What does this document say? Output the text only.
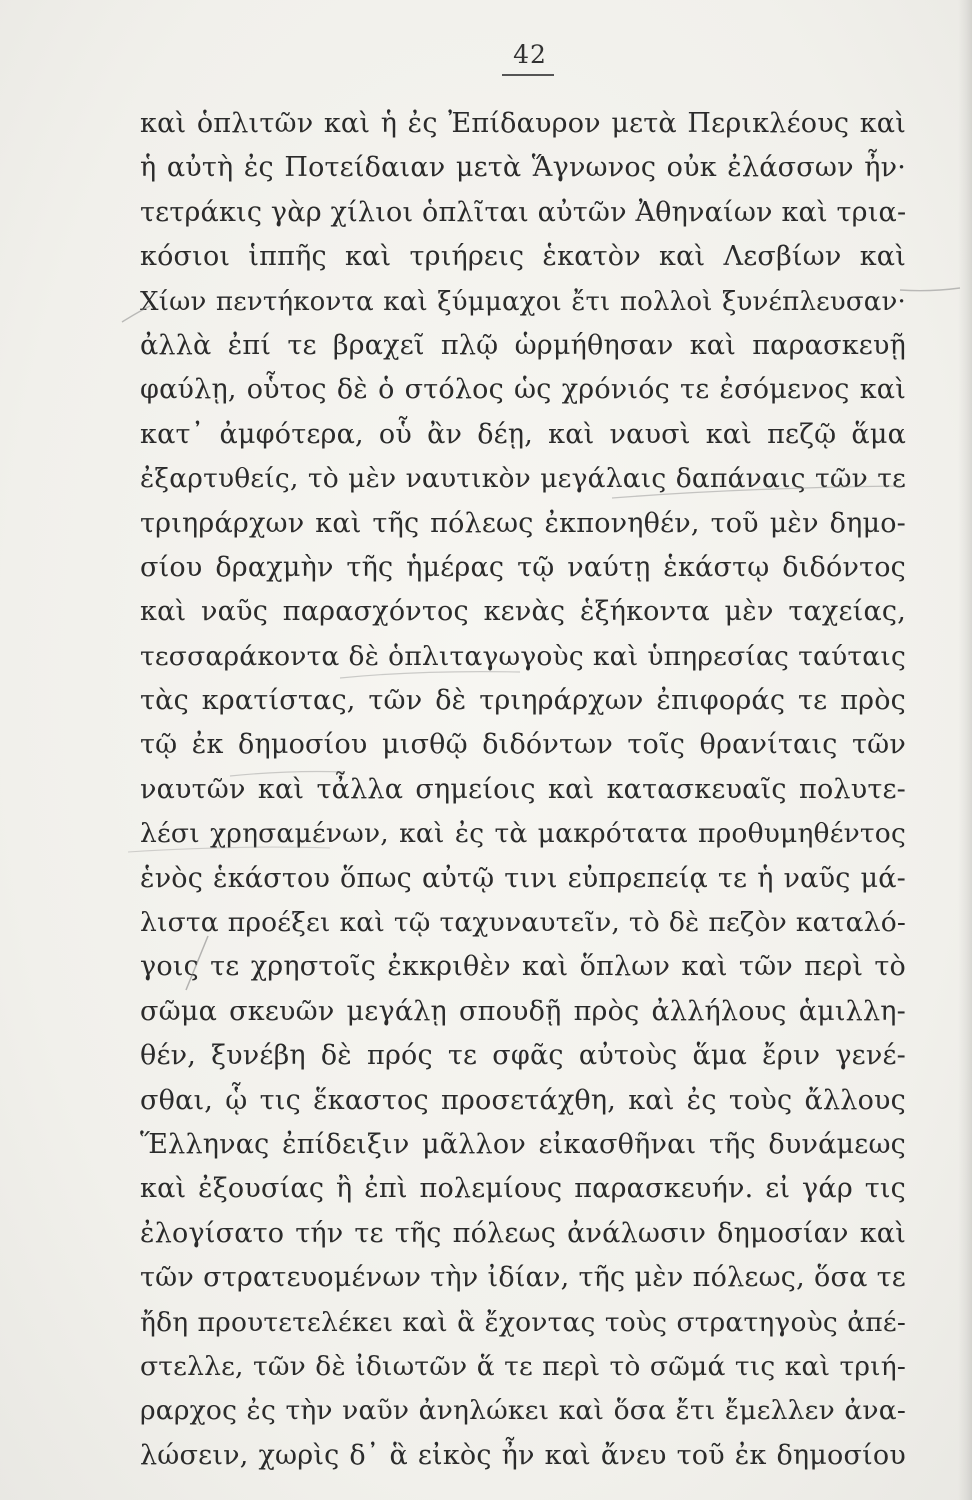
42
καὶ ὁπλιτῶν καὶ ἡ ἐς Ἐπίδαυρον μετὰ Περικλέους καὶ
ἡ αὐτὴ ἐς Ποτείδαιαν μετὰ Ἅγνωνος οὐκ ἐλάσσων ἦν·
τετράκις γὰρ χίλιοι ὁπλῖται αὐτῶν Ἀθηναίων καὶ τρια-
κόσιοι ἱππῆς καὶ τριήρεις ἑκατὸν καὶ Λεσβίων καὶ
Χίων πεντήκοντα καὶ ξύμμαχοι ἔτι πολλοὶ ξυνέπλευσαν·
ἀλλὰ ἐπί τε βραχεῖ πλῷ ὡρμήθησαν καὶ παρασκευῇ
φαύλῃ, οὗτος δὲ ὁ στόλος ὡς χρόνιός τε ἐσόμενος καὶ
κατ᾽ ἀμφότερα, οὗ ἂν δέῃ, καὶ ναυσὶ καὶ πεζῷ ἅμα
ἐξαρτυθείς, τὸ μὲν ναυτικὸν μεγάλαις δαπάναις τῶν τε
τριηράρχων καὶ τῆς πόλεως ἐκπονηθέν, τοῦ μὲν δημο-
σίου δραχμὴν τῆς ἡμέρας τῷ ναύτῃ ἑκάστῳ διδόντος
καὶ ναῦς παρασχόντος κενὰς ἑξήκοντα μὲν ταχείας,
τεσσαράκοντα δὲ ὁπλιταγωγοὺς καὶ ὑπηρεσίας ταύταις
τὰς κρατίστας, τῶν δὲ τριηράρχων ἐπιφοράς τε πρὸς
τῷ ἐκ δημοσίου μισθῷ διδόντων τοῖς θρανίταις τῶν
ναυτῶν καὶ τἆλλα σημείοις καὶ κατασκευαῖς πολυτε-
λέσι χρησαμένων, καὶ ἐς τὰ μακρότατα προθυμηθέντος
ἑνὸς ἑκάστου ὅπως αὐτῷ τινι εὐπρεπείᾳ τε ἡ ναῦς μά-
λιστα προέξει καὶ τῷ ταχυναυτεῖν, τὸ δὲ πεζὸν καταλό-
γοις τε χρηστοῖς ἐκκριθὲν καὶ ὅπλων καὶ τῶν περὶ τὸ
σῶμα σκευῶν μεγάλῃ σπουδῇ πρὸς ἀλλήλους ἁμιλλη-
θέν, ξυνέβη δὲ πρός τε σφᾶς αὐτοὺς ἅμα ἔριν γενέ-
σθαι, ᾧ τις ἕκαστος προσετάχθη, καὶ ἐς τοὺς ἄλλους
Ἕλληνας ἐπίδειξιν μᾶλλον εἰκασθῆναι τῆς δυνάμεως
καὶ ἐξουσίας ἢ ἐπὶ πολεμίους παρασκευήν. εἰ γάρ τις
ἐλογίσατο τήν τε τῆς πόλεως ἀνάλωσιν δημοσίαν καὶ
τῶν στρατευομένων τὴν ἰδίαν, τῆς μὲν πόλεως, ὅσα τε
ἤδη προυτετελέκει καὶ ἃ ἔχοντας τοὺς στρατηγοὺς ἀπέ-
στελλε, τῶν δὲ ἰδιωτῶν ἅ τε περὶ τὸ σῶμά τις καὶ τριή-
ραρχος ἐς τὴν ναῦν ἀνηλώκει καὶ ὅσα ἔτι ἔμελλεν ἀνα-
λώσειν, χωρὶς δ᾽ ἃ εἰκὸς ἦν καὶ ἄνευ τοῦ ἐκ δημοσίου
